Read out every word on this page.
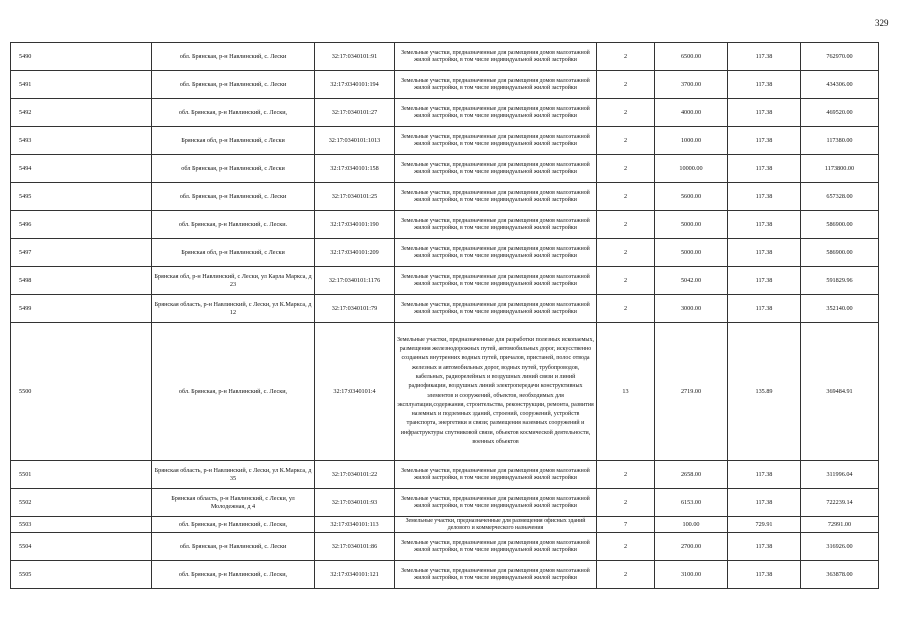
329
5490	обл. Брянская, р-н Навлинский, с. Лески	32:17:0340101:91	Земельные участки, предназначенные для размещения домов малоэтажной жилой застройки, в том числе индивидуальной жилой застройки	2	6500.00	117.38	762970.00
5491	обл. Брянская, р-н Навлинский, с. Лески	32:17:0340101:194	Земельные участки, предназначенные для размещения домов малоэтажной жилой застройки, в том числе индивидуальной жилой застройки	2	3700.00	117.38	434306.00
5492	обл. Брянская, р-н Навлинский, с. Лески,	32:17:0340101:27	Земельные участки, предназначенные для размещения домов малоэтажной жилой застройки, в том числе индивидуальной жилой застройки	2	4000.00	117.38	469520.00
5493	Брянская обл, р-н Навлинский, с Лески	32:17:0340101:1013	Земельные участки, предназначенные для размещения домов малоэтажной жилой застройки, в том числе индивидуальной жилой застройки	2	1000.00	117.38	117380.00
5494	обл Брянская, р-н Навлинский, с Лески	32:17:0340101:158	Земельные участки, предназначенные для размещения домов малоэтажной жилой застройки, в том числе индивидуальной жилой застройки	2	10000.00	117.38	1173800.00
5495	обл. Брянская, р-н Навлинский, с. Лески	32:17:0340101:25	Земельные участки, предназначенные для размещения домов малоэтажной жилой застройки, в том числе индивидуальной жилой застройки	2	5600.00	117.38	657328.00
5496	обл. Брянская, р-н Навлинский, с. Лески.	32:17:0340101:190	Земельные участки, предназначенные для размещения домов малоэтажной жилой застройки, в том числе индивидуальной жилой застройки	2	5000.00	117.38	586900.00
5497	Брянская обл, р-н Навлинский, с Лески	32:17:0340101:209	Земельные участки, предназначенные для размещения домов малоэтажной жилой застройки, в том числе индивидуальной жилой застройки	2	5000.00	117.38	586900.00
5498	Брянская обл, р-н Навлинский, с Лески, ул Карла Маркса, д 23	32:17:0340101:1176	Земельные участки, предназначенные для размещения домов малоэтажной жилой застройки, в том числе индивидуальной жилой застройки	2	5042.00	117.38	591829.96
5499	Брянская область, р-н Навлинский, с Лески, ул К.Маркса, д 12	32:17:0340101:79	Земельные участки, предназначенные для размещения домов малоэтажной жилой застройки, в том числе индивидуальной жилой застройки	2	3000.00	117.38	352140.00
5500	обл. Брянская, р-н Навлинский, с. Лески,	32:17:0340101:4	Земельные участки, предназначенные для разработки полезных ископаемых, размещения железнодорожных путей, автомобильных дорог, искусственно созданных внутренних водных путей, причалов, пристаней, полос отвода железных и автомобильных дорог, водных путей, трубопроводов, кабельных, радиорелейных и воздушных линий связи и линий радиофикации, воздушных линий электропередачи конструктивных элементов и сооружений, объектов, необходимых для эксплуатации,содержания, строительства, реконструкции, ремонта, развития наземных и подземных зданий, строений, сооружений, устройств транспорта, энергетики и связи; размещения наземных сооружений и инфраструктуры спутниковой связи, объектов космической деятельности, военных объектов	13	2719.00	135.89	369484.91
5501	Брянская область, р-н Навлинский, с Лески, ул К.Маркса, д 35	32:17:0340101:22	Земельные участки, предназначенные для размещения домов малоэтажной жилой застройки, в том числе индивидуальной жилой застройки	2	2658.00	117.38	311996.04
5502	Брянская область, р-н Навлинский, с Лески, ул Молодежная, д 4	32:17:0340101:93	Земельные участки, предназначенные для размещения домов малоэтажной жилой застройки, в том числе индивидуальной жилой застройки	2	6153.00	117.38	722239.14
5503	обл. Брянская, р-н Навлинский, с. Лески,	32:17:0340101:113	Земельные участки, предназначенные для размещения офисных зданий делового и коммерческого назначения	7	100.00	729.91	72991.00
5504	обл. Брянская, р-н Навлинский, с. Лески	32:17:0340101:86	Земельные участки, предназначенные для размещения домов малоэтажной жилой застройки, в том числе индивидуальной жилой застройки	2	2700.00	117.38	316926.00
5505	обл. Брянская, р-н Навлинский, с. Лески,	32:17:0340101:121	Земельные участки, предназначенные для размещения домов малоэтажной жилой застройки, в том числе индивидуальной жилой застройки	2	3100.00	117.38	363878.00
